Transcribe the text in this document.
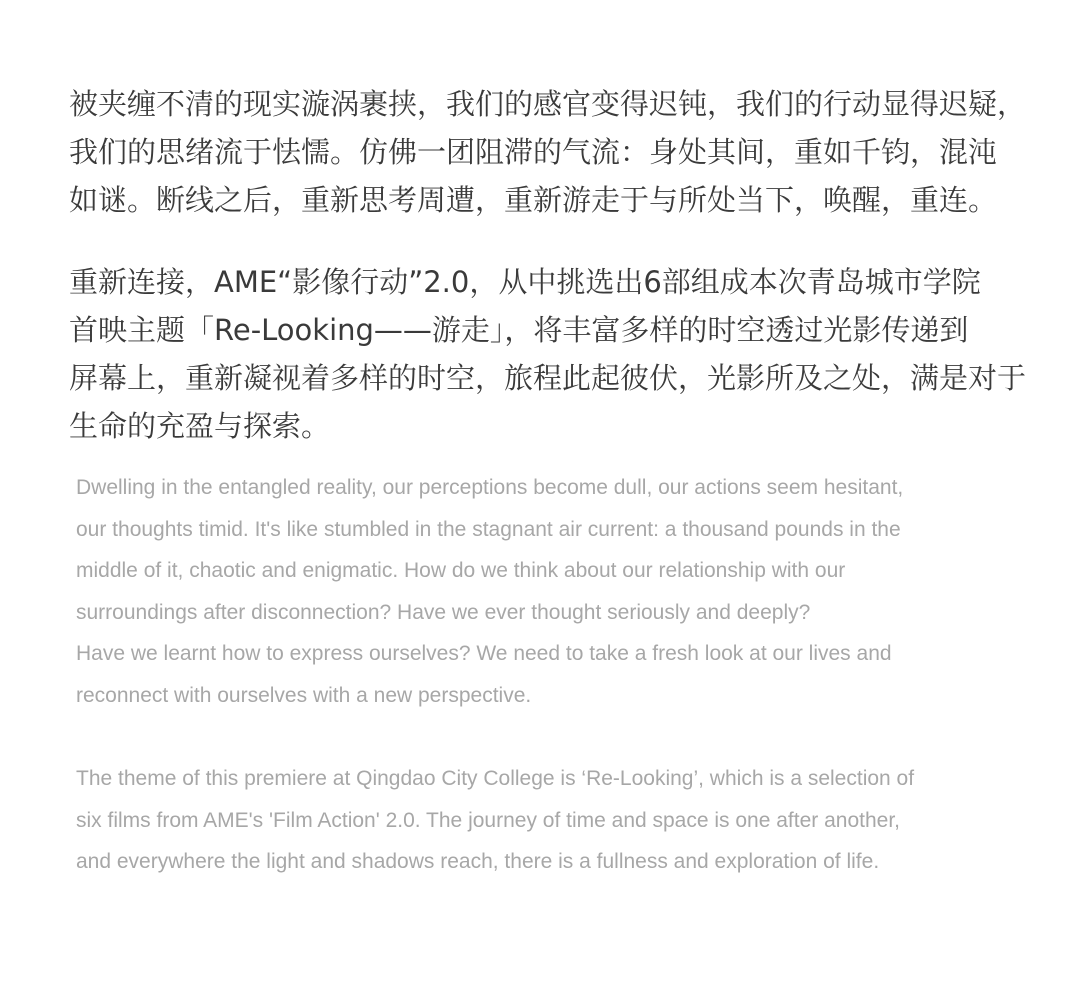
被夹缠不清的现实漩涡裹挟，我们的感官变得迟钝，我们的行动显得迟疑，
我们的思绪流于怯懦。仿佛一团阻滞的气流：身处其间，重如千钧，混沌
如谜。断线之后，重新思考周遭，重新游走于与所处当下，唤醒，重连。
重新连接，AME“影像行动”2.0，从中挑选出6部组成本次青岛城市学院
首映主题「Re-Looking——游走」，将丰富多样的时空透过光影传递到
屏幕上，重新凝视着多样的时空，旅程此起彼伏，光影所及之处，满是对于
生命的充盈与探索。
Dwelling in the entangled reality, our perceptions become dull, our actions seem hesitant,
our thoughts timid. It's like stumbled in the stagnant air current: a thousand pounds in the
middle of it, chaotic and enigmatic. How do we think about our relationship with our
surroundings after disconnection? Have we ever thought seriously and deeply?
Have we learnt how to express ourselves? We need to take a fresh look at our lives and
reconnect with ourselves with a new perspective.
The theme of this premiere at Qingdao City College is ‘Re-Looking’, which is a selection of
six films from AME's 'Film Action' 2.0. The journey of time and space is one after another,
and everywhere the light and shadows reach, there is a fullness and exploration of life.
